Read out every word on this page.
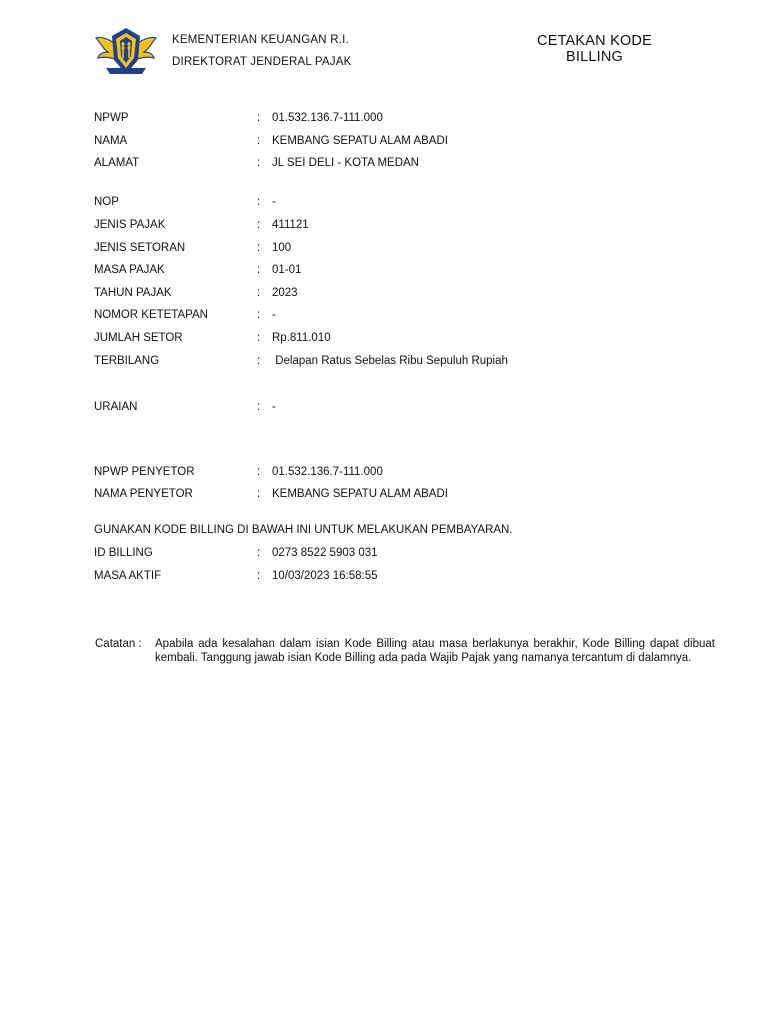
KEMENTERIAN KEUANGAN R.I.
DIREKTORAT JENDERAL PAJAK
CETAKAN KODE
BILLING
NPWP	: 01.532.136.7-111.000
NAMA	: KEMBANG SEPATU ALAM ABADI
ALAMAT	: JL SEI DELI - KOTA MEDAN
NOP	: -
JENIS PAJAK	: 411121
JENIS SETORAN	: 100
MASA PAJAK	: 01-01
TAHUN PAJAK	: 2023
NOMOR KETETAPAN	: -
JUMLAH SETOR	: Rp.811.010
TERBILANG	: Delapan Ratus Sebelas Ribu Sepuluh Rupiah
URAIAN	: -
NPWP PENYETOR	: 01.532.136.7-111.000
NAMA PENYETOR	: KEMBANG SEPATU ALAM ABADI
GUNAKAN KODE BILLING DI BAWAH INI UNTUK MELAKUKAN PEMBAYARAN.
ID BILLING	: 0273 8522 5903 031
MASA AKTIF	: 10/03/2023 16:58:55
Catatan : Apabila ada kesalahan dalam isian Kode Billing atau masa berlakunya berakhir, Kode Billing dapat dibuat kembali. Tanggung jawab isian Kode Billing ada pada Wajib Pajak yang namanya tercantum di dalamnya.
